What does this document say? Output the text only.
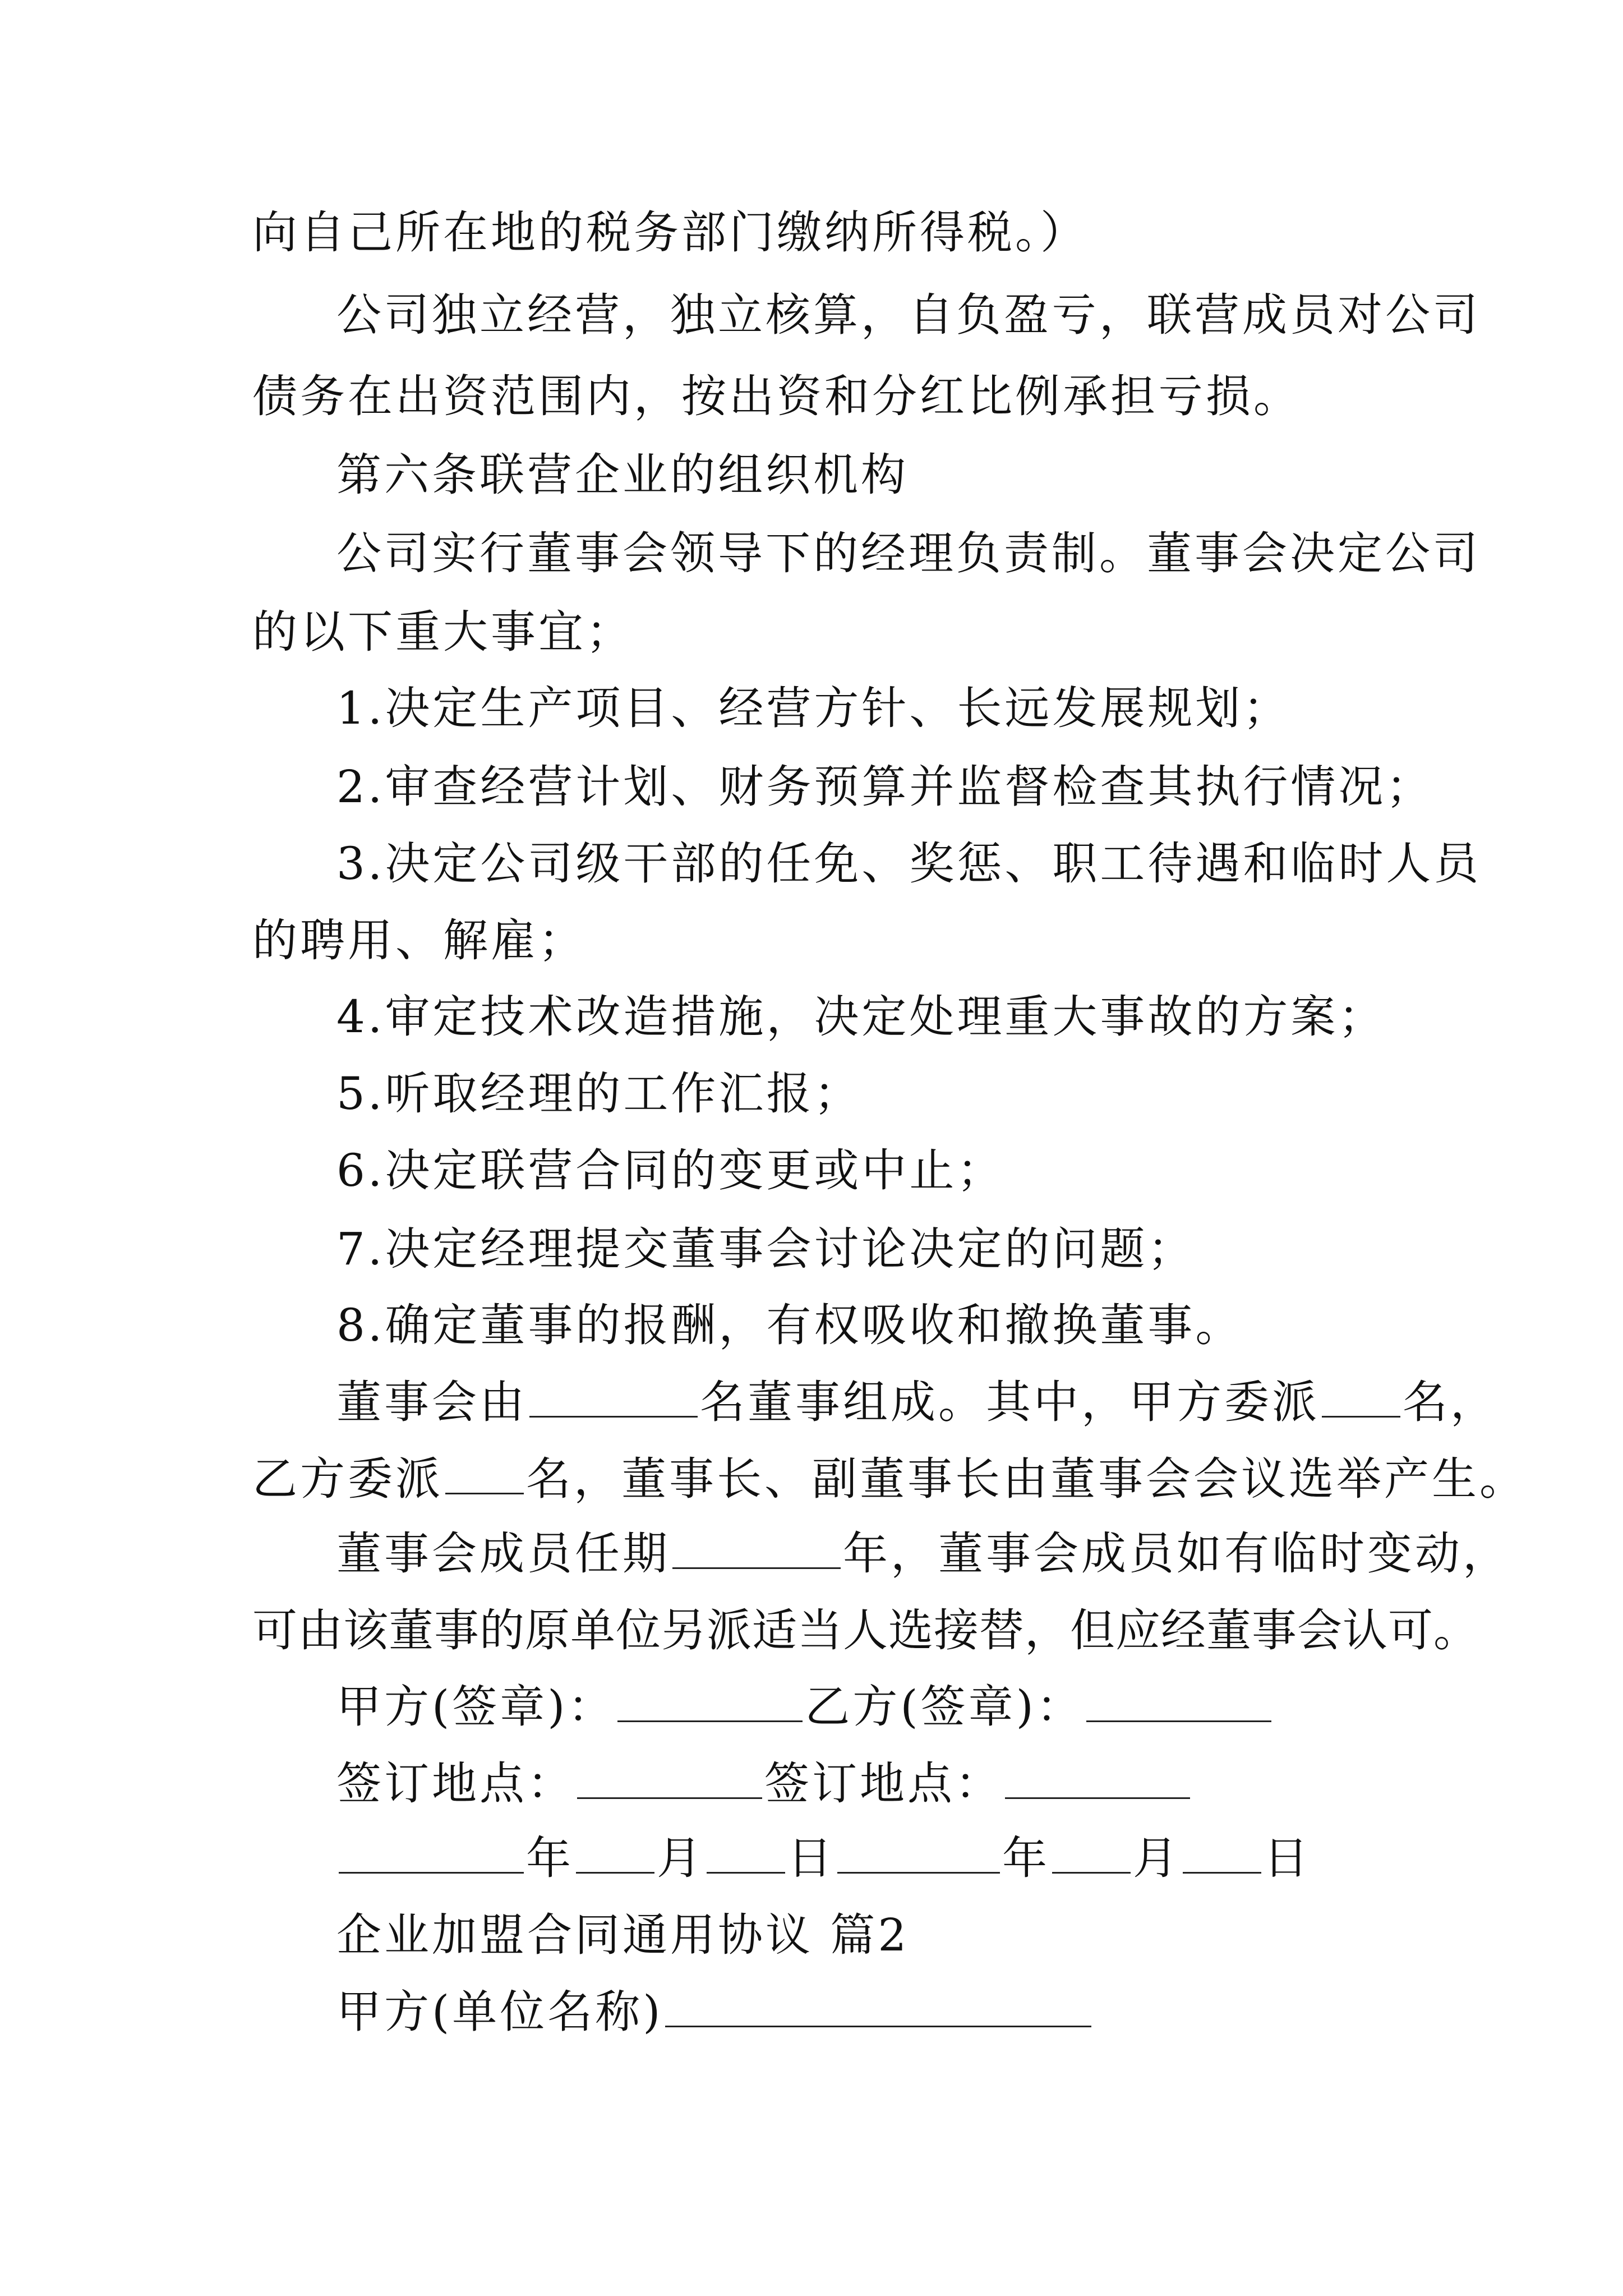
向自己所在地的税务部门缴纳所得税。）
公司独立经营，独立核算，自负盈亏，联营成员对公司
债务在出资范围内，按出资和分红比例承担亏损。
第六条联营企业的组织机构
公司实行董事会领导下的经理负责制。董事会决定公司
的以下重大事宜；
1.决定生产项目、经营方针、长远发展规划；
2.审查经营计划、财务预算并监督检查其执行情况；
3.决定公司级干部的任免、奖惩、职工待遇和临时人员
的聘用、解雇；
4.审定技术改造措施，决定处理重大事故的方案；
5.听取经理的工作汇报；
6.决定联营合同的变更或中止；
7.决定经理提交董事会讨论决定的问题；
8.确定董事的报酬，有权吸收和撤换董事。
董事会由	名董事组成。其中，甲方委派 名，
乙方委派 名，董事长、副董事长由董事会会议选举产生。
董事会成员任期	年，董事会成员如有临时变动，
可由该董事的原单位另派适当人选接替，但应经董事会认可。
甲方(签章)：	乙方(签章)：
签订地点：	签订地点：
年 月 日	年 月 日
企业加盟合同通用协议 篇2
甲方(单位名称)
